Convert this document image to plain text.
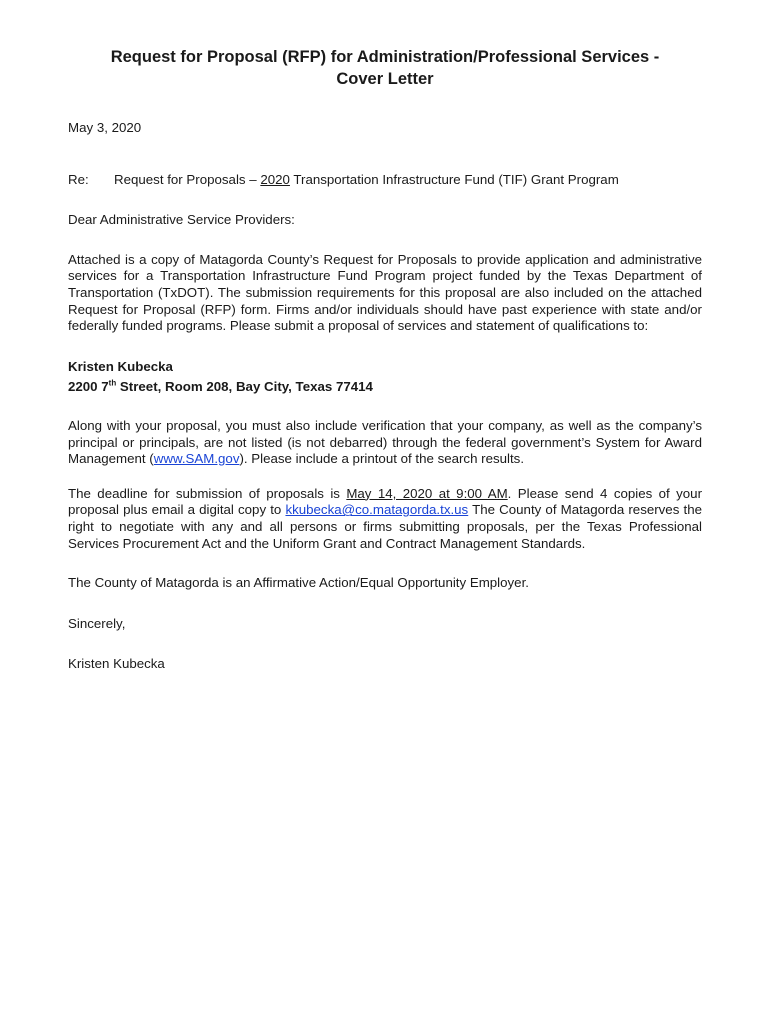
Request for Proposal (RFP) for Administration/Professional Services -
Cover Letter

May 3, 2020

Re:	Request for Proposals – 2020 Transportation Infrastructure Fund (TIF) Grant Program

Dear Administrative Service Providers:

Attached is a copy of Matagorda County’s Request for Proposals to provide application and administrative services for a Transportation Infrastructure Fund Program project funded by the Texas Department of Transportation (TxDOT). The submission requirements for this proposal are also included on the attached Request for Proposal (RFP) form. Firms and/or individuals should have past experience with state and/or federally funded programs. Please submit a proposal of services and statement of qualifications to:

Kristen Kubecka

2200 7th Street, Room 208, Bay City, Texas 77414

Along with your proposal, you must also include verification that your company, as well as the company’s principal or principals, are not listed (is not debarred) through the federal government’s System for Award Management (www.SAM.gov). Please include a printout of the search results.

The deadline for submission of proposals is May 14, 2020 at 9:00 AM. Please send 4 copies of your proposal plus email a digital copy to kkubecka@co.matagorda.tx.us The County of Matagorda reserves the right to negotiate with any and all persons or firms submitting proposals, per the Texas Professional Services Procurement Act and the Uniform Grant and Contract Management Standards.

The County of Matagorda is an Affirmative Action/Equal Opportunity Employer.

Sincerely,

Kristen Kubecka
